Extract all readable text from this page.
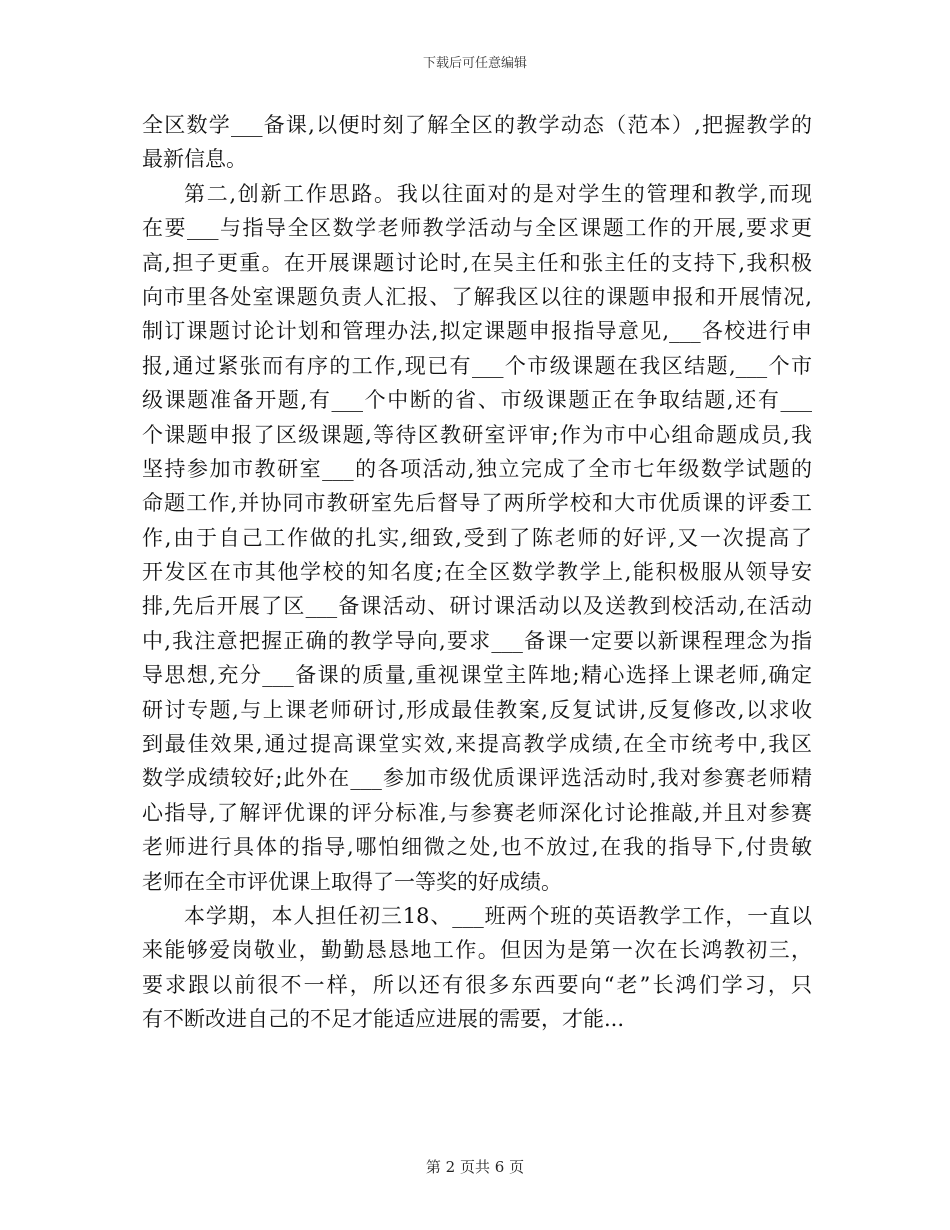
下载后可任意编辑
全区数学___备课,以便时刻了解全区的教学动态（范本）,把握教学的
最新信息。
第二,创新工作思路。我以往面对的是对学生的管理和教学,而现
在要___与指导全区数学老师教学活动与全区课题工作的开展,要求更
高,担子更重。在开展课题讨论时,在吴主任和张主任的支持下,我积极
向市里各处室课题负责人汇报、了解我区以往的课题申报和开展情况,
制订课题讨论计划和管理办法,拟定课题申报指导意见,___各校进行申
报,通过紧张而有序的工作,现已有___个市级课题在我区结题,___个市
级课题准备开题,有___个中断的省、市级课题正在争取结题,还有___
个课题申报了区级课题,等待区教研室评审;作为市中心组命题成员,我
坚持参加市教研室___的各项活动,独立完成了全市七年级数学试题的
命题工作,并协同市教研室先后督导了两所学校和大市优质课的评委工
作,由于自己工作做的扎实,细致,受到了陈老师的好评,又一次提高了
开发区在市其他学校的知名度;在全区数学教学上,能积极服从领导安
排,先后开展了区___备课活动、研讨课活动以及送教到校活动,在活动
中,我注意把握正确的教学导向,要求___备课一定要以新课程理念为指
导思想,充分___备课的质量,重视课堂主阵地;精心选择上课老师,确定
研讨专题,与上课老师研讨,形成最佳教案,反复试讲,反复修改,以求收
到最佳效果,通过提高课堂实效,来提高教学成绩,在全市统考中,我区
数学成绩较好;此外在___参加市级优质课评选活动时,我对参赛老师精
心指导,了解评优课的评分标准,与参赛老师深化讨论推敲,并且对参赛
老师进行具体的指导,哪怕细微之处,也不放过,在我的指导下,付贵敏
老师在全市评优课上取得了一等奖的好成绩。
本学期，本人担任初三18、___班两个班的英语教学工作，一直以
来能够爱岗敬业，勤勤恳恳地工作。但因为是第一次在长鸿教初三，
要求跟以前很不一样，所以还有很多东西要向“老”长鸿们学习，只
有不断改进自己的不足才能适应进展的需要，才能...
第 2 页共 6 页
